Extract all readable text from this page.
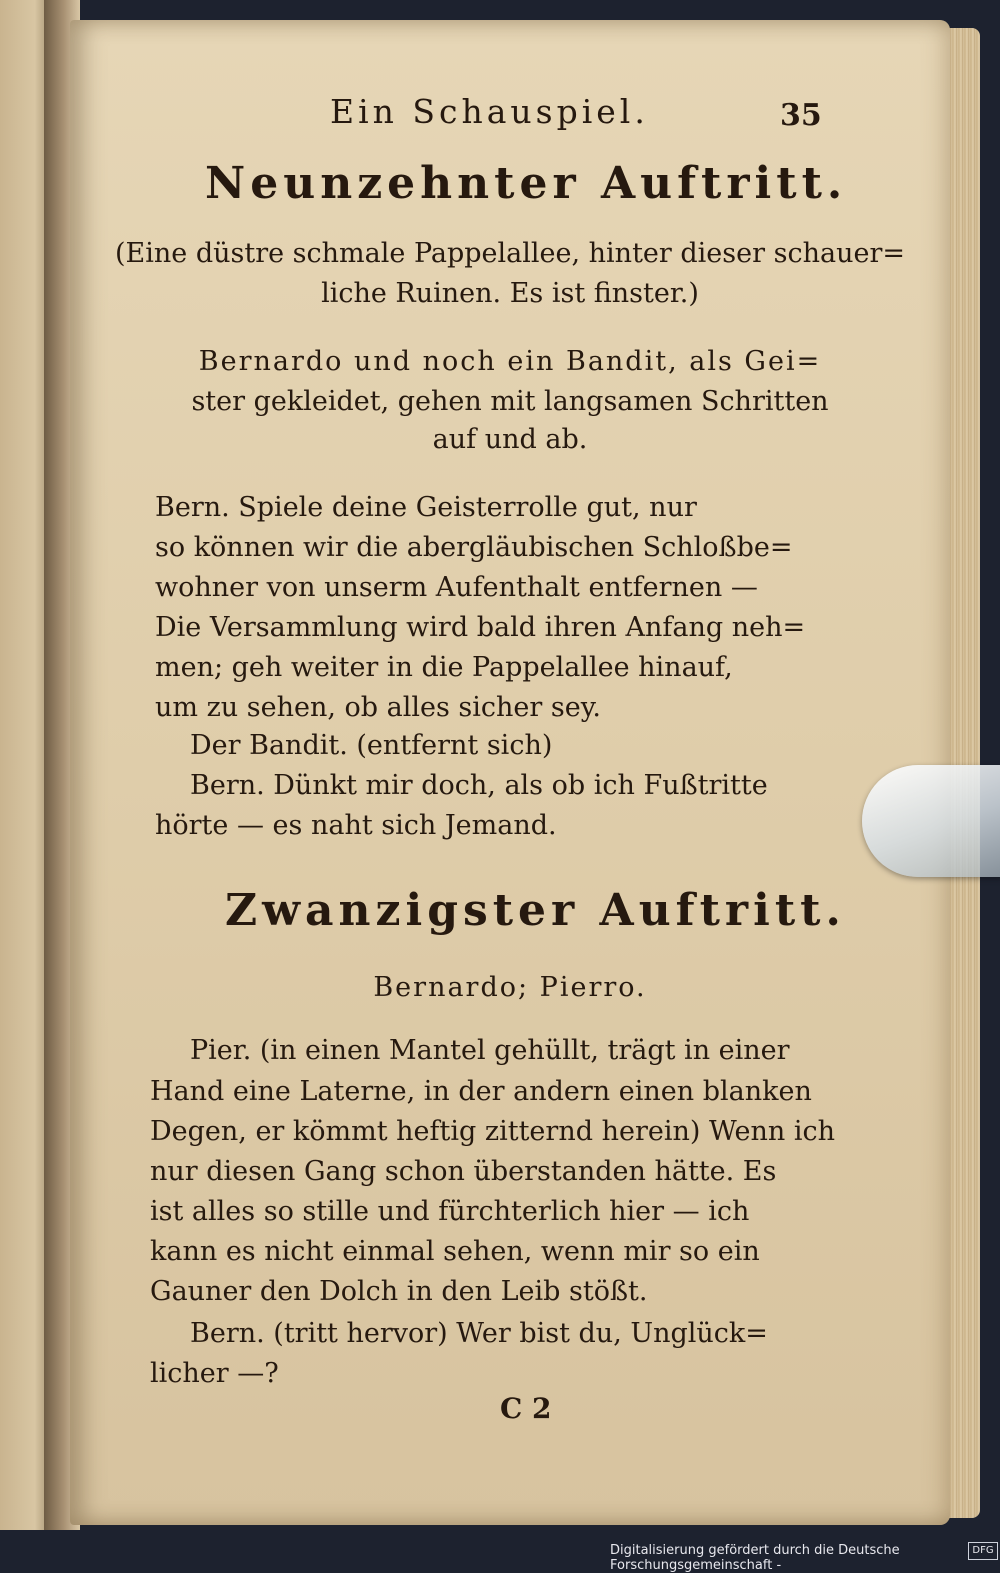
Ein Schauspiel.	35
Neunzehnter Auftritt.
(Eine düstre schmale Pappelallee, hinter dieser schauer=
liche Ruinen. Es ist finster.)
Bernardo und noch ein Bandit, als Gei=
ster gekleidet, gehen mit langsamen Schritten
auf und ab.
Bern. Spiele deine Geisterrolle gut, nur
so können wir die abergläubischen Schloßbe=
wohner von unserm Aufenthalt entfernen —
Die Versammlung wird bald ihren Anfang neh=
men; geh weiter in die Pappelallee hinauf,
um zu sehen, ob alles sicher sey.
Der Bandit. (entfernt sich)
Bern. Dünkt mir doch, als ob ich Fußtritte
hörte — es naht sich Jemand.
Zwanzigster Auftritt.
Bernardo; Pierro.
Pier. (in einen Mantel gehüllt, trägt in einer
Hand eine Laterne, in der andern einen blanken
Degen, er kömmt heftig zitternd herein) Wenn ich
nur diesen Gang schon überstanden hätte. Es
ist alles so stille und fürchterlich hier — ich
kann es nicht einmal sehen, wenn mir so ein
Gauner den Dolch in den Leib stößt.
Bern. (tritt hervor) Wer bist du, Unglück=
licher —?
C 2
Digitalisierung gefördert durch die Deutsche Forschungsgemeinschaft -
DFG
